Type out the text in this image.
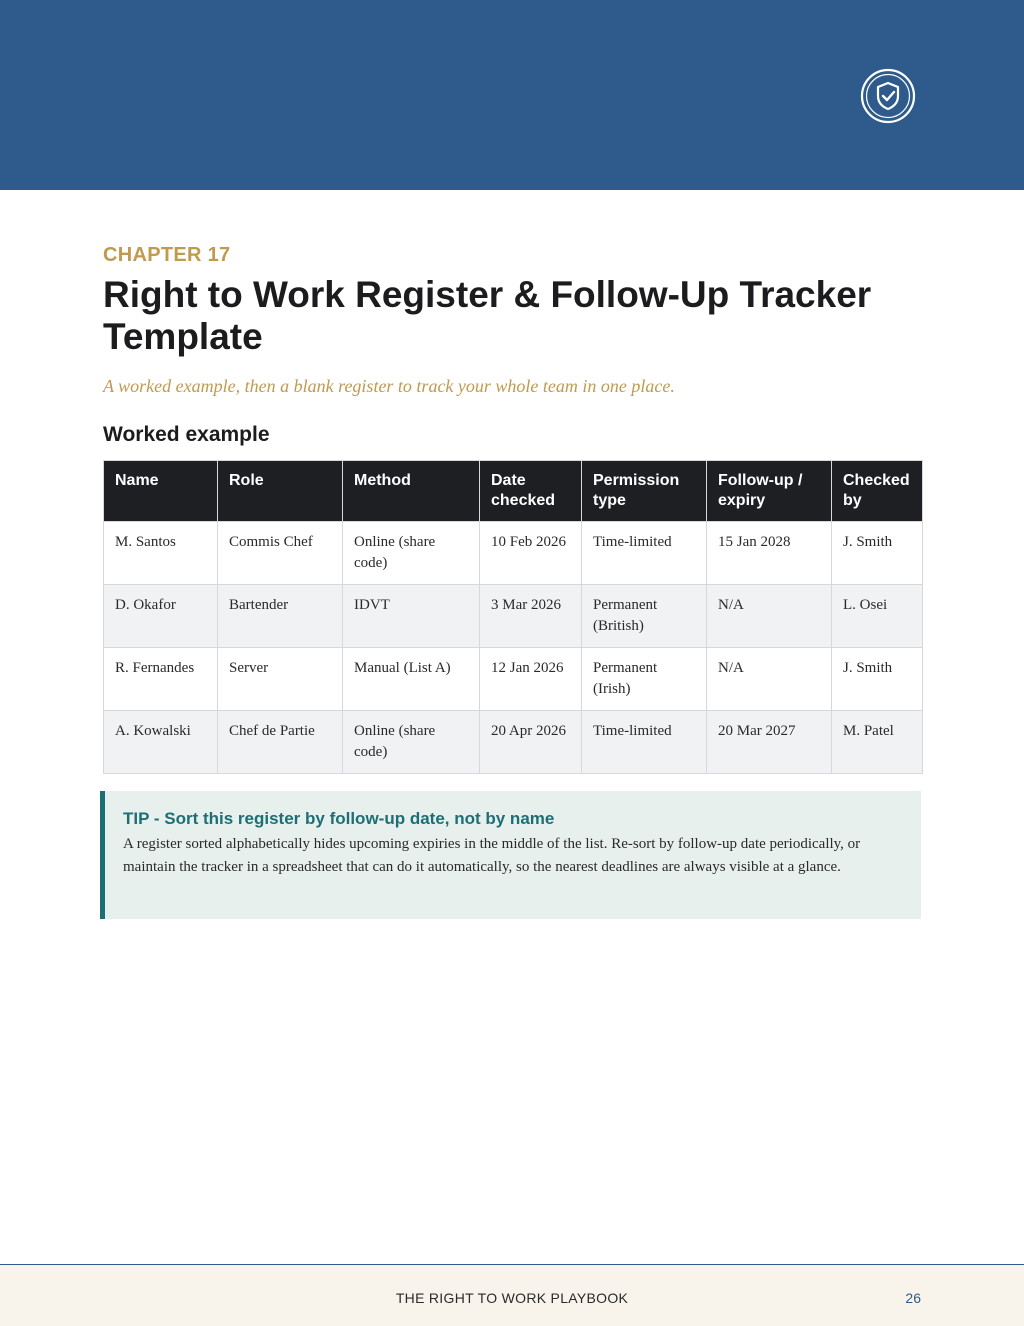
CHAPTER 17

Right to Work Register & Follow-Up Tracker Template

A worked example, then a blank register to track your whole team in one place.

Worked example
Name	Role	Method	Date checked	Permission type	Follow-up / expiry	Checked by
M. Santos	Commis Chef	Online (share code)	10 Feb 2026	Time-limited	15 Jan 2028	J. Smith
D. Okafor	Bartender	IDVT	3 Mar 2026	Permanent (British)	N/A	L. Osei
R. Fernandes	Server	Manual (List A)	12 Jan 2026	Permanent (Irish)	N/A	J. Smith
A. Kowalski	Chef de Partie	Online (share code)	20 Apr 2026	Time-limited	20 Mar 2027	M. Patel

TIP - Sort this register by follow-up date, not by name

A register sorted alphabetically hides upcoming expiries in the middle of the list. Re-sort by follow-up date periodically, or maintain the tracker in a spreadsheet that can do it automatically, so the nearest deadlines are always visible at a glance.

THE RIGHT TO WORK PLAYBOOK	26
